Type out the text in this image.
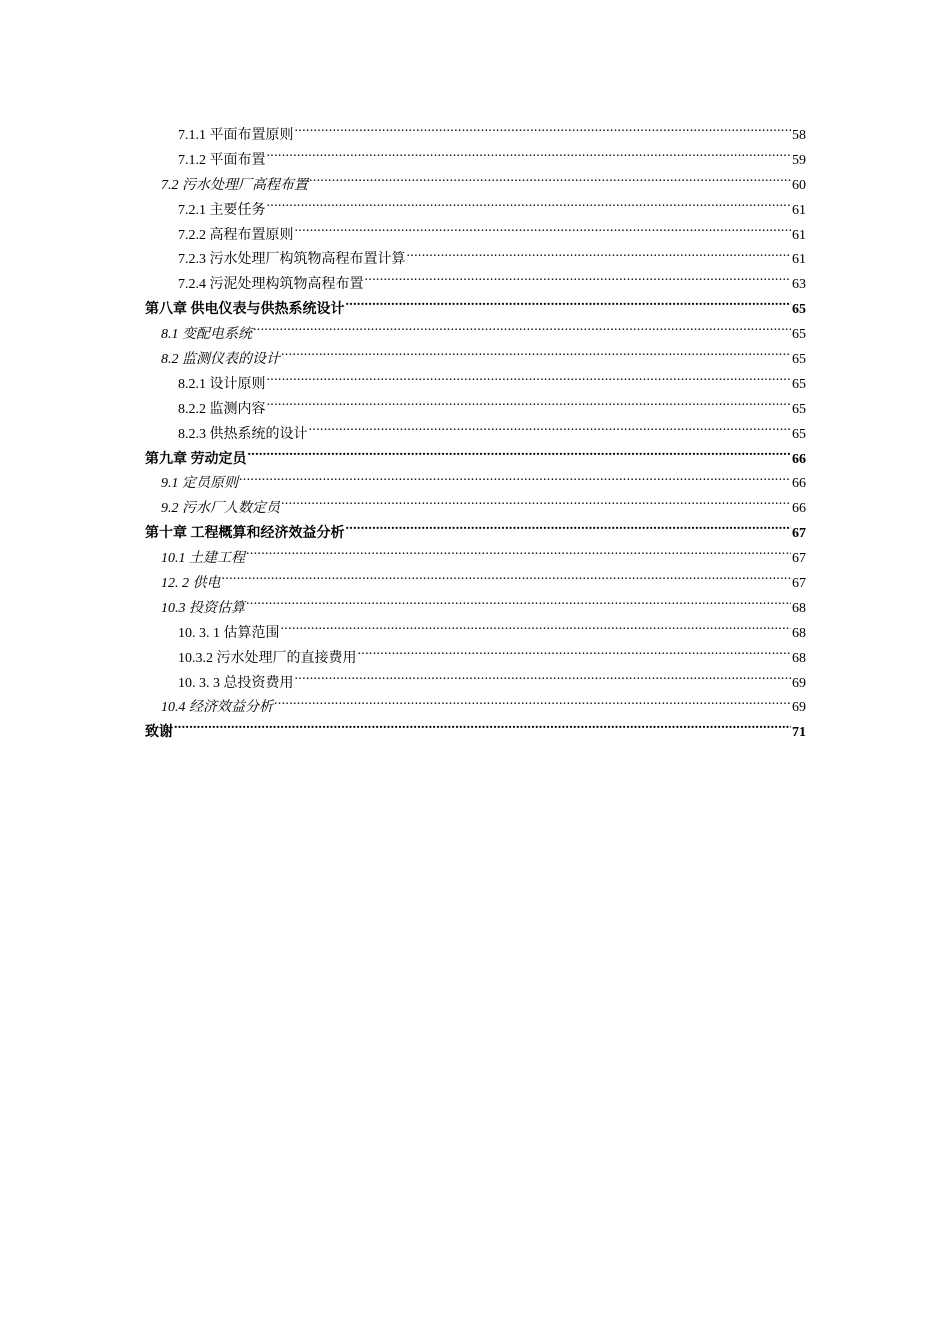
7.1.1 平面布置原则 .....	58
7.1.2 平面布置 .....	59
7.2 污水处理厂高程布置 .....	60
7.2.1 主要任务 .....	61
7.2.2 高程布置原则 .....	61
7.2.3 污水处理厂构筑物高程布置计算 .....	61
7.2.4 污泥处理构筑物高程布置 .....	63
第八章 供电仪表与供热系统设计 .....	65
8.1 变配电系统 .....	65
8.2 监测仪表的设计 .....	65
8.2.1 设计原则 .....	65
8.2.2 监测内容 .....	65
8.2.3 供热系统的设计 .....	65
第九章 劳动定员 .....	66
9.1 定员原则 .....	66
9.2 污水厂人数定员 .....	66
第十章 工程概算和经济效益分析 .....	67
10.1 土建工程 .....	67
12. 2 供电 .....	67
10.3 投资估算 .....	68
10. 3. 1 估算范围 .....	68
10.3.2 污水处理厂的直接费用 .....	68
10. 3. 3 总投资费用 .....	69
10.4 经济效益分析 .....	69
致谢 .....	71
